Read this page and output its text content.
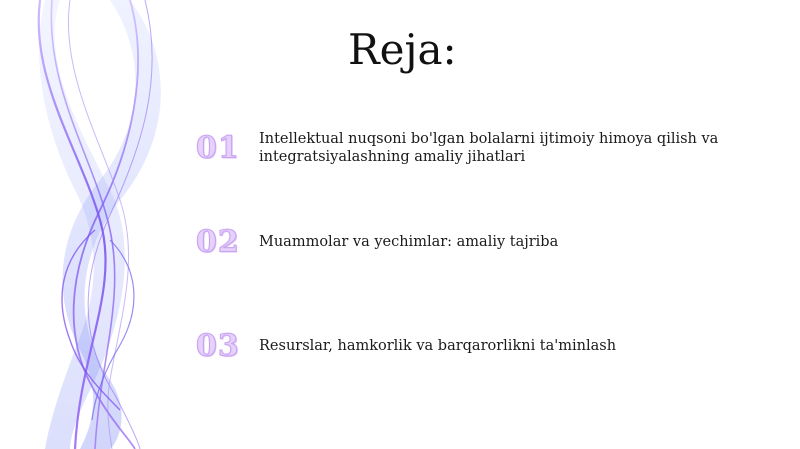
Reja:
01	Intellektual nuqsoni bo'lgan bolalarni ijtimoiy himoya qilish va integratsiyalashning amaliy jihatlari
02	Muammolar va yechimlar: amaliy tajriba
03	Resurslar, hamkorlik va barqarorlikni ta'minlash
